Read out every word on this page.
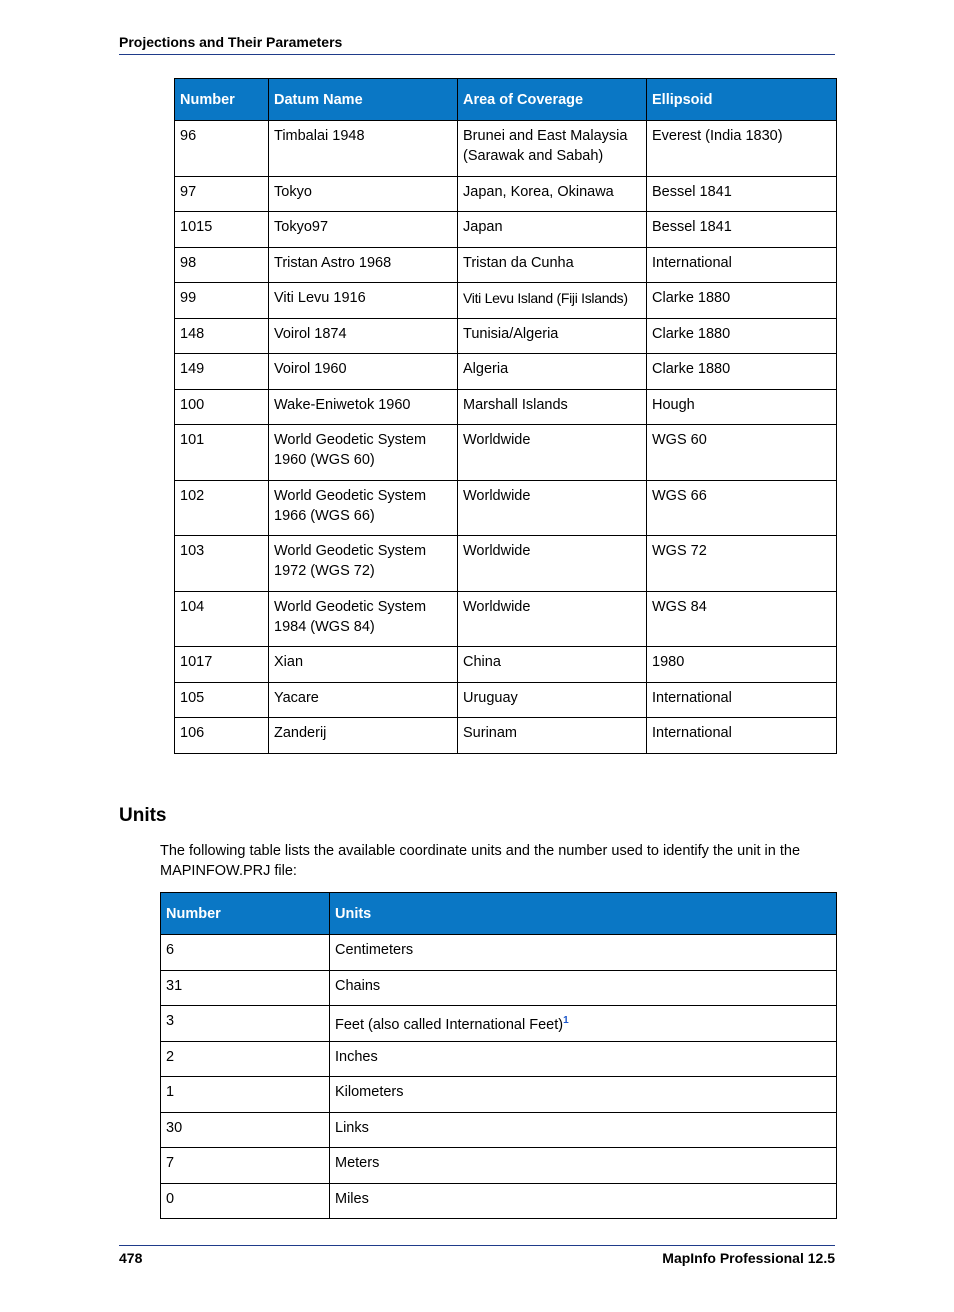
Projections and Their Parameters
Number	Datum Name	Area of Coverage	Ellipsoid
96	Timbalai 1948	Brunei and East Malaysia (Sarawak and Sabah)	Everest (India 1830)
97	Tokyo	Japan, Korea, Okinawa	Bessel 1841
1015	Tokyo97	Japan	Bessel 1841
98	Tristan Astro 1968	Tristan da Cunha	International
99	Viti Levu 1916	Viti Levu Island (Fiji Islands)	Clarke 1880
148	Voirol 1874	Tunisia/Algeria	Clarke 1880
149	Voirol 1960	Algeria	Clarke 1880
100	Wake-Eniwetok 1960	Marshall Islands	Hough
101	World Geodetic System 1960 (WGS 60)	Worldwide	WGS 60
102	World Geodetic System 1966 (WGS 66)	Worldwide	WGS 66
103	World Geodetic System 1972 (WGS 72)	Worldwide	WGS 72
104	World Geodetic System 1984 (WGS 84)	Worldwide	WGS 84
1017	Xian	China	1980
105	Yacare	Uruguay	International
106	Zanderij	Surinam	International
Units
The following table lists the available coordinate units and the number used to identify the unit in the MAPINFOW.PRJ file:
Number	Units
6	Centimeters
31	Chains
3	Feet (also called International Feet)$^1$
2	Inches
1	Kilometers
30	Links
7	Meters
0	Miles
478	MapInfo Professional 12.5
